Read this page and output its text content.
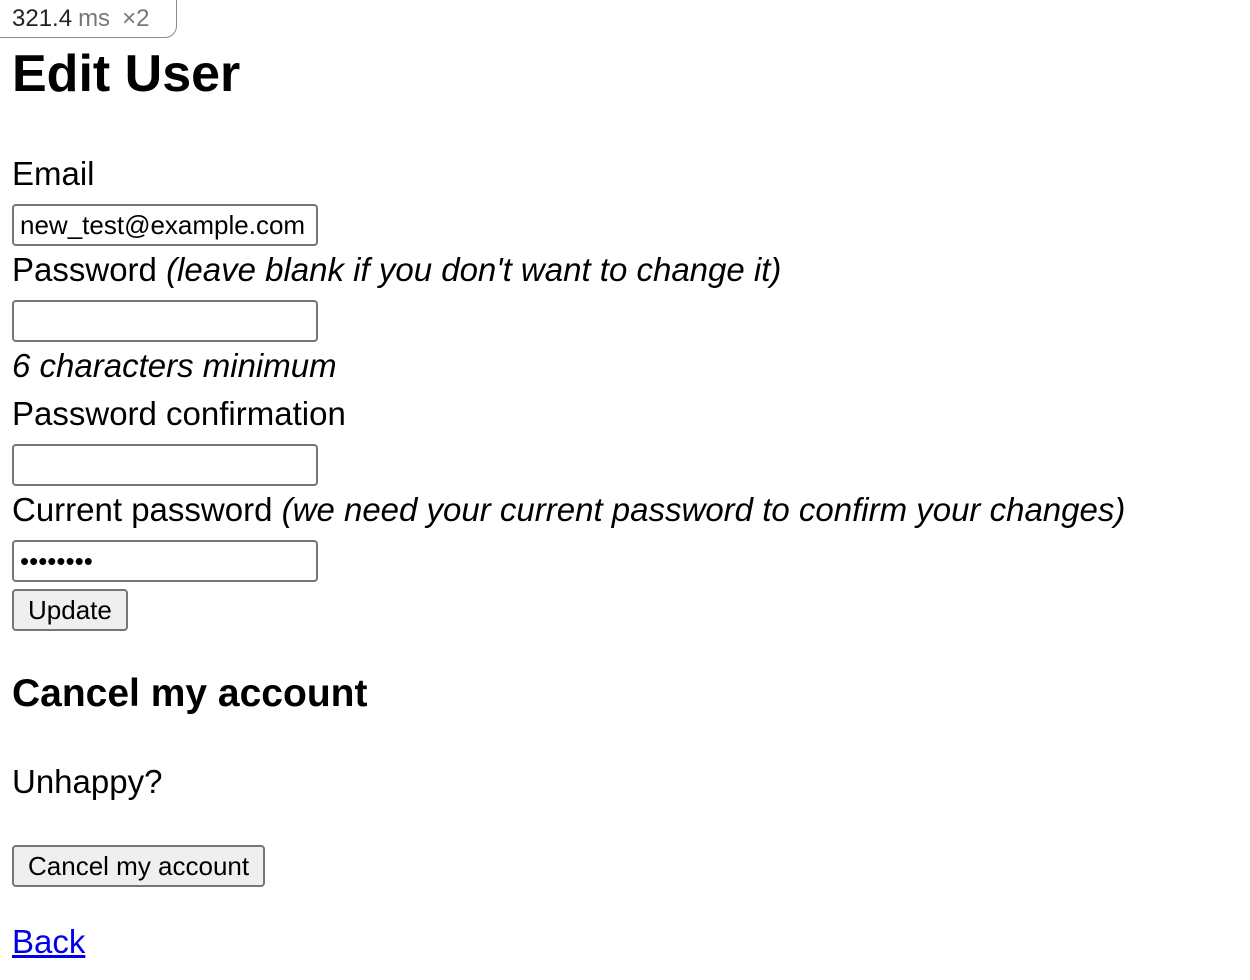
321.4 ms ×2
Edit User
Email
new_test@example.com
Password (leave blank if you don't want to change it)
6 characters minimum
Password confirmation
Current password (we need your current password to confirm your changes)
Update
Cancel my account

Unhappy?

Cancel my account
Back
